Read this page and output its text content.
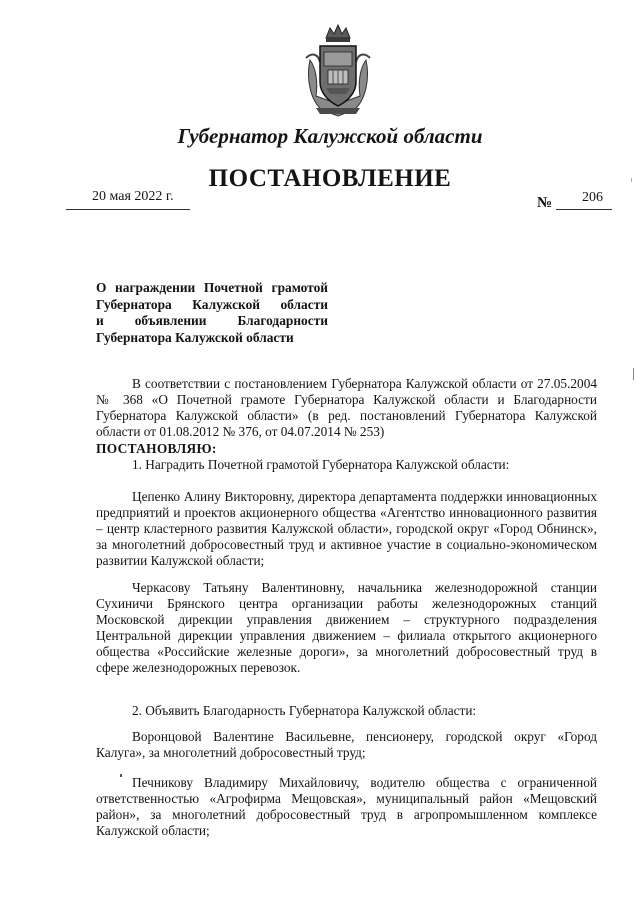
Губернатор Калужской области
ПОСТАНОВЛЕНИЕ
20 мая 2022 г.	№ 206
О награждении Почетной грамотой
Губернатора Калужской области
и объявлении Благодарности
Губернатора Калужской области
В соответствии с постановлением Губернатора Калужской области от 27.05.2004 № 368 «О Почетной грамоте Губернатора Калужской области и Благодарности Губернатора Калужской области» (в ред. постановлений Губернатора Калужской области от 01.08.2012 № 376, от 04.07.2014 № 253)
ПОСТАНОВЛЯЮ:
1. Наградить Почетной грамотой Губернатора Калужской области:
Цепенко Алину Викторовну, директора департамента поддержки инновационных предприятий и проектов акционерного общества «Агентство инновационного развития – центр кластерного развития Калужской области», городской округ «Город Обнинск», за многолетний добросовестный труд и активное участие в социально-экономическом развитии Калужской области;
Черкасову Татьяну Валентиновну, начальника железнодорожной станции Сухиничи Брянского центра организации работы железнодорожных станций Московской дирекции управления движением – структурного подразделения Центральной дирекции управления движением – филиала открытого акционерного общества «Российские железные дороги», за многолетний добросовестный труд в сфере железнодорожных перевозок.
2. Объявить Благодарность Губернатора Калужской области:
Воронцовой Валентине Васильевне, пенсионеру, городской округ «Город Калуга», за многолетний добросовестный труд;
Печникову Владимиру Михайловичу, водителю общества с ограниченной ответственностью «Агрофирма Мещовская», муниципальный район «Мещовский район», за многолетний добросовестный труд в агропромышленном комплексе Калужской области;
